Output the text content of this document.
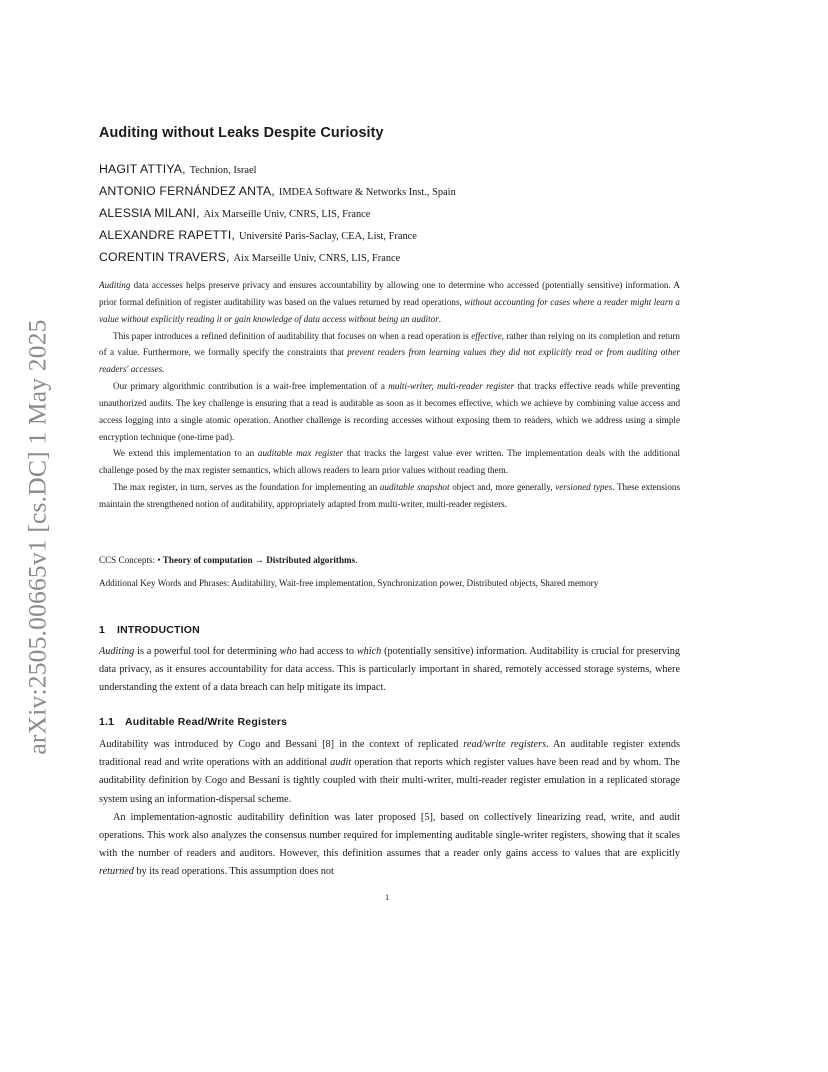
arXiv:2505.00665v1 [cs.DC] 1 May 2025
Auditing without Leaks Despite Curiosity
HAGIT ATTIYA, Technion, Israel
ANTONIO FERNÁNDEZ ANTA, IMDEA Software & Networks Inst., Spain
ALESSIA MILANI, Aix Marseille Univ, CNRS, LIS, France
ALEXANDRE RAPETTI, Université Paris-Saclay, CEA, List, France
CORENTIN TRAVERS, Aix Marseille Univ, CNRS, LIS, France

Auditing data accesses helps preserve privacy and ensures accountability by allowing one to determine who accessed (potentially sensitive) information. A prior formal definition of register auditability was based on the values returned by read operations, without accounting for cases where a reader might learn a value without explicitly reading it or gain knowledge of data access without being an auditor.

This paper introduces a refined definition of auditability that focuses on when a read operation is effective, rather than relying on its completion and return of a value. Furthermore, we formally specify the constraints that prevent readers from learning values they did not explicitly read or from auditing other readers' accesses.

Our primary algorithmic contribution is a wait-free implementation of a multi-writer, multi-reader register that tracks effective reads while preventing unauthorized audits. The key challenge is ensuring that a read is auditable as soon as it becomes effective, which we achieve by combining value access and access logging into a single atomic operation. Another challenge is recording accesses without exposing them to readers, which we address using a simple encryption technique (one-time pad).

We extend this implementation to an auditable max register that tracks the largest value ever written. The implementation deals with the additional challenge posed by the max register semantics, which allows readers to learn prior values without reading them.

The max register, in turn, serves as the foundation for implementing an auditable snapshot object and, more generally, versioned types. These extensions maintain the strengthened notion of auditability, appropriately adapted from multi-writer, multi-reader registers.

CCS Concepts: • Theory of computation → Distributed algorithms.

Additional Key Words and Phrases: Auditability, Wait-free implementation, Synchronization power, Distributed objects, Shared memory

1 INTRODUCTION

Auditing is a powerful tool for determining who had access to which (potentially sensitive) information. Auditability is crucial for preserving data privacy, as it ensures accountability for data access. This is particularly important in shared, remotely accessed storage systems, where understanding the extent of a data breach can help mitigate its impact.

1.1 Auditable Read/Write Registers

Auditability was introduced by Cogo and Bessani [8] in the context of replicated read/write registers. An auditable register extends traditional read and write operations with an additional audit operation that reports which register values have been read and by whom. The auditability definition by Cogo and Bessani is tightly coupled with their multi-writer, multi-reader register emulation in a replicated storage system using an information-dispersal scheme.

An implementation-agnostic auditability definition was later proposed [5], based on collectively linearizing read, write, and audit operations. This work also analyzes the consensus number required for implementing auditable single-writer registers, showing that it scales with the number of readers and auditors. However, this definition assumes that a reader only gains access to values that are explicitly returned by its read operations. This assumption does not

1
